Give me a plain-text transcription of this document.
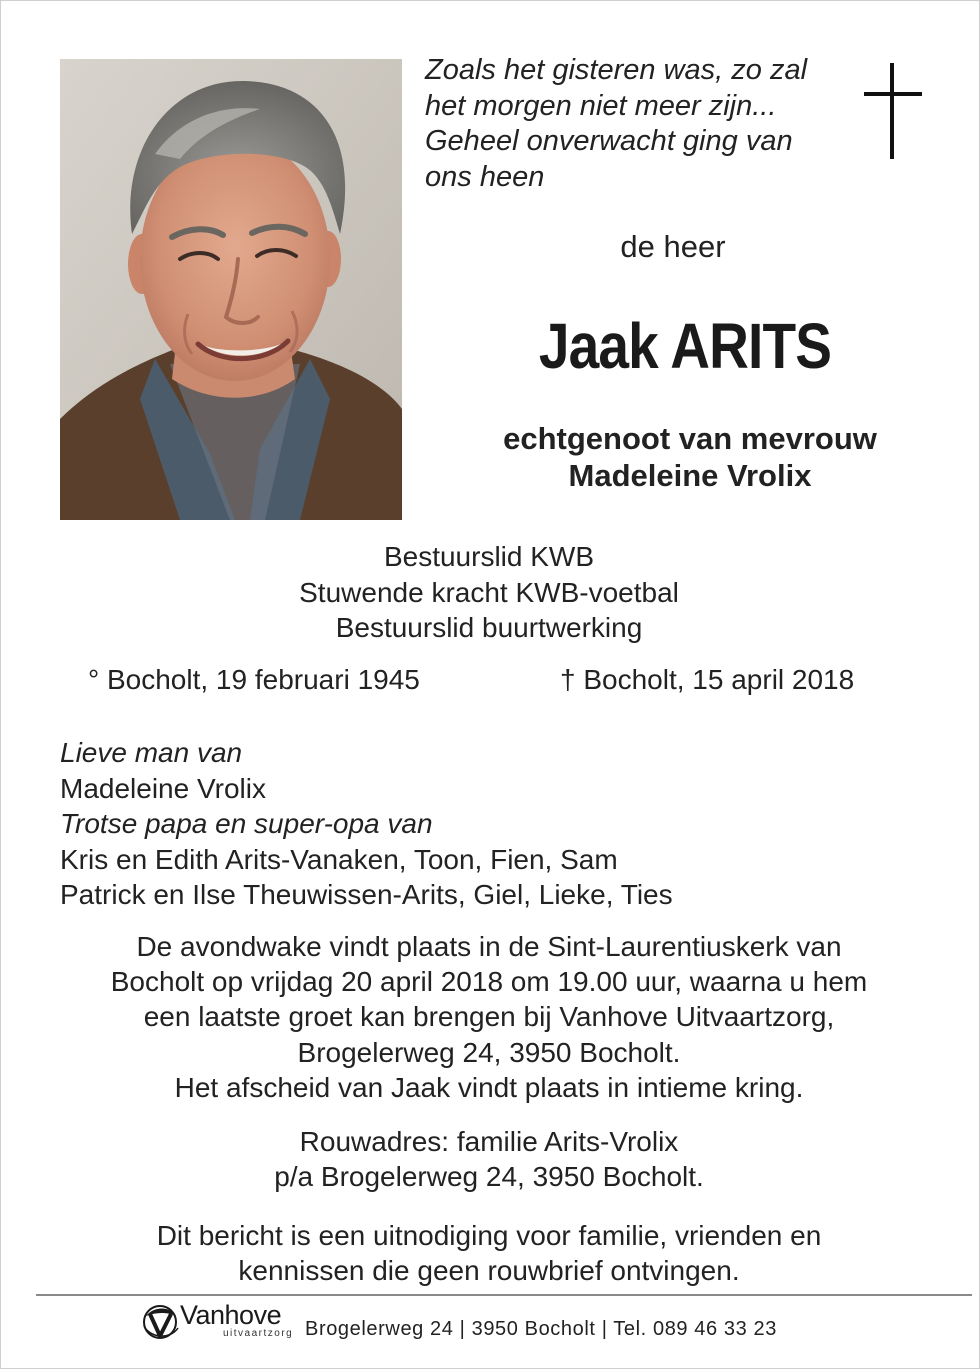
Zoals het gisteren was, zo zal
het morgen niet meer zijn...
Geheel onverwacht ging van
ons heen
de heer
Jaak ARITS
echtgenoot van mevrouw
Madeleine Vrolix
Bestuurslid KWB
Stuwende kracht KWB-voetbal
Bestuurslid buurtwerking
° Bocholt, 19 februari 1945	† Bocholt, 15 april 2018
Lieve man van
Madeleine Vrolix
Trotse papa en super-opa van
Kris en Edith Arits-Vanaken, Toon, Fien, Sam
Patrick en Ilse Theuwissen-Arits, Giel, Lieke, Ties
De avondwake vindt plaats in de Sint-Laurentiuskerk van
Bocholt op vrijdag 20 april 2018 om 19.00 uur, waarna u hem
een laatste groet kan brengen bij Vanhove Uitvaartzorg,
Brogelerweg 24, 3950 Bocholt.
Het afscheid van Jaak vindt plaats in intieme kring.
Rouwadres: familie Arits-Vrolix
p/a Brogelerweg 24, 3950 Bocholt.
Dit bericht is een uitnodiging voor familie, vrienden en
kennissen die geen rouwbrief ontvingen.
Vanhove
uitvaartzorg Brogelerweg 24 | 3950 Bocholt | Tel. 089 46 33 23
